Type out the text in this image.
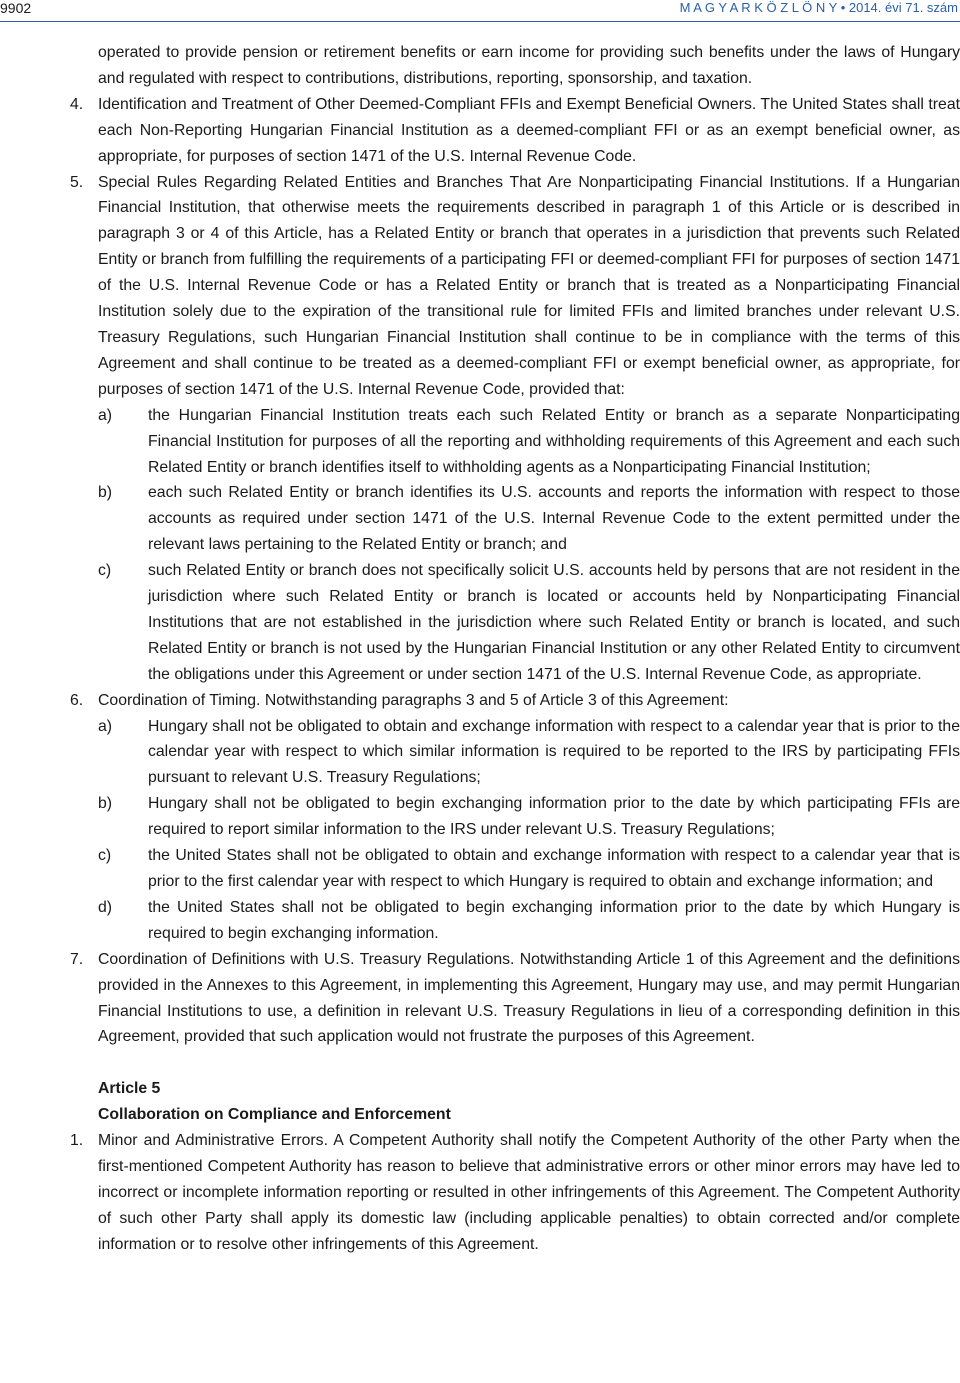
9902	M A G Y A R K Ö Z L Ö N Y • 2014. évi 71. szám

operated to provide pension or retirement benefits or earn income for providing such benefits under the laws of Hungary and regulated with respect to contributions, distributions, reporting, sponsorship, and taxation.

4. Identification and Treatment of Other Deemed-Compliant FFIs and Exempt Beneficial Owners. The United States shall treat each Non-Reporting Hungarian Financial Institution as a deemed-compliant FFI or as an exempt beneficial owner, as appropriate, for purposes of section 1471 of the U.S. Internal Revenue Code.

5. Special Rules Regarding Related Entities and Branches That Are Nonparticipating Financial Institutions. If a Hungarian Financial Institution, that otherwise meets the requirements described in paragraph 1 of this Article or is described in paragraph 3 or 4 of this Article, has a Related Entity or branch that operates in a jurisdiction that prevents such Related Entity or branch from fulfilling the requirements of a participating FFI or deemed-compliant FFI for purposes of section 1471 of the U.S. Internal Revenue Code or has a Related Entity or branch that is treated as a Nonparticipating Financial Institution solely due to the expiration of the transitional rule for limited FFIs and limited branches under relevant U.S. Treasury Regulations, such Hungarian Financial Institution shall continue to be in compliance with the terms of this Agreement and shall continue to be treated as a deemed-compliant FFI or exempt beneficial owner, as appropriate, for purposes of section 1471 of the U.S. Internal Revenue Code, provided that:

a) the Hungarian Financial Institution treats each such Related Entity or branch as a separate Nonparticipating Financial Institution for purposes of all the reporting and withholding requirements of this Agreement and each such Related Entity or branch identifies itself to withholding agents as a Nonparticipating Financial Institution;

b) each such Related Entity or branch identifies its U.S. accounts and reports the information with respect to those accounts as required under section 1471 of the U.S. Internal Revenue Code to the extent permitted under the relevant laws pertaining to the Related Entity or branch; and

c) such Related Entity or branch does not specifically solicit U.S. accounts held by persons that are not resident in the jurisdiction where such Related Entity or branch is located or accounts held by Nonparticipating Financial Institutions that are not established in the jurisdiction where such Related Entity or branch is located, and such Related Entity or branch is not used by the Hungarian Financial Institution or any other Related Entity to circumvent the obligations under this Agreement or under section 1471 of the U.S. Internal Revenue Code, as appropriate.

6. Coordination of Timing. Notwithstanding paragraphs 3 and 5 of Article 3 of this Agreement:

a) Hungary shall not be obligated to obtain and exchange information with respect to a calendar year that is prior to the calendar year with respect to which similar information is required to be reported to the IRS by participating FFIs pursuant to relevant U.S. Treasury Regulations;

b) Hungary shall not be obligated to begin exchanging information prior to the date by which participating FFIs are required to report similar information to the IRS under relevant U.S. Treasury Regulations;

c) the United States shall not be obligated to obtain and exchange information with respect to a calendar year that is prior to the first calendar year with respect to which Hungary is required to obtain and exchange information; and

d) the United States shall not be obligated to begin exchanging information prior to the date by which Hungary is required to begin exchanging information.

7. Coordination of Definitions with U.S. Treasury Regulations. Notwithstanding Article 1 of this Agreement and the definitions provided in the Annexes to this Agreement, in implementing this Agreement, Hungary may use, and may permit Hungarian Financial Institutions to use, a definition in relevant U.S. Treasury Regulations in lieu of a corresponding definition in this Agreement, provided that such application would not frustrate the purposes of this Agreement.

Article 5

Collaboration on Compliance and Enforcement

1. Minor and Administrative Errors. A Competent Authority shall notify the Competent Authority of the other Party when the first-mentioned Competent Authority has reason to believe that administrative errors or other minor errors may have led to incorrect or incomplete information reporting or resulted in other infringements of this Agreement. The Competent Authority of such other Party shall apply its domestic law (including applicable penalties) to obtain corrected and/or complete information or to resolve other infringements of this Agreement.
